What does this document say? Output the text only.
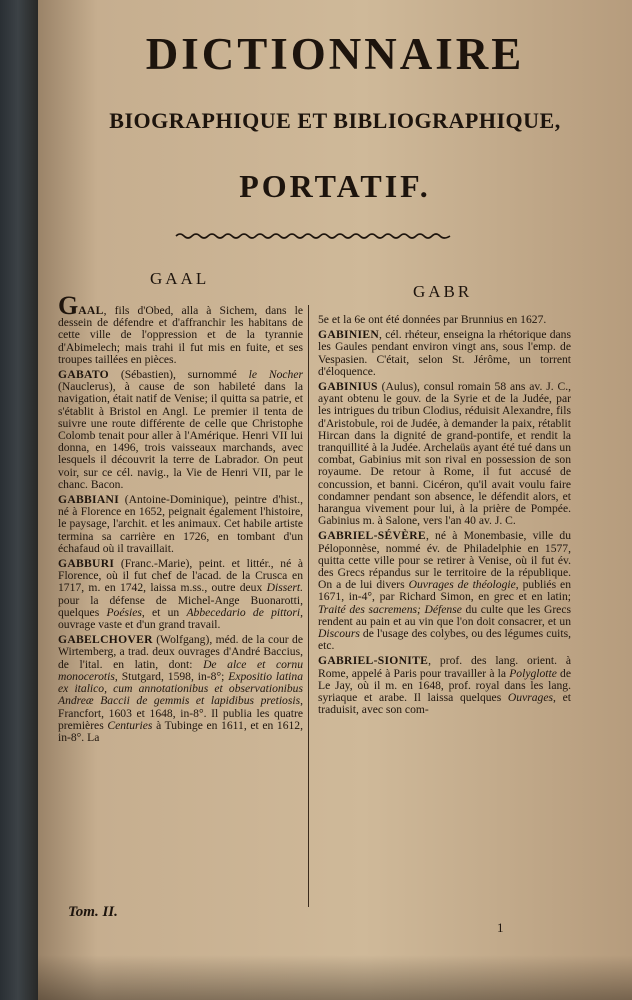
DICTIONNAIRE
BIOGRAPHIQUE ET BIBLIOGRAPHIQUE,
PORTATIF.
GAAL
GABR

GAAL, fils d'Obed, alla à Sichem, dans le dessein de défendre et d'affranchir les habitans de cette ville de l'oppression et de la tyrannie d'Abimelech; mais trahi il fut mis en fuite, et ses troupes taillées en pièces.

GABATO (Sébastien), surnommé le Nocher (Nauclerus), à cause de son habileté dans la navigation, était natif de Venise; il quitta sa patrie, et s'établit à Bristol en Angl. Le premier il tenta de suivre une route différente de celle que Christophe Colomb tenait pour aller à l'Amérique. Henri VII lui donna, en 1496, trois vaisseaux marchands, avec lesquels il découvrit la terre de Labrador. On peut voir, sur ce cél. navig., la Vie de Henri VII, par le chanc. Bacon.

GABBIANI (Antoine-Dominique), peintre d'hist., né à Florence en 1652, peignait également l'histoire, le paysage, l'archit. et les animaux. Cet habile artiste termina sa carrière en 1726, en tombant d'un échafaud où il travaillait.

GABBURI (Franc.-Marie), peint. et littér., né à Florence, où il fut chef de l'acad. de la Crusca en 1717, m. en 1742, laissa m.ss., outre deux Dissert. pour la défense de Michel-Ange Buonarotti, quelques Poésies, et un Abbecedario de pittori, ouvrage vaste et d'un grand travail.

GABELCHOVER (Wolfgang), méd. de la cour de Wirtemberg, a trad. deux ouvrages d'André Baccius, de l'ital. en latin, dont: De alce et cornu monocerotis, Stutgard, 1598, in-8°; Expositio latina ex italico, cum annotationibus et observationibus Andreæ Baccii de gemmis et lapidibus pretiosis, Francfort, 1603 et 1648, in-8°. Il publia les quatre premières Centuries à Tubinge en 1611, et en 1612, in-8°. La

5e et la 6e ont été données par Brunnius en 1627.

GABINIEN, cél. rhéteur, enseigna la rhétorique dans les Gaules pendant environ vingt ans, sous l'emp. de Vespasien. C'était, selon St. Jérôme, un torrent d'éloquence.

GABINIUS (Aulus), consul romain 58 ans av. J. C., ayant obtenu le gouv. de la Syrie et de la Judée, par les intrigues du tribun Clodius, réduisit Alexandre, fils d'Aristobule, roi de Judée, à demander la paix, rétablit Hircan dans la dignité de grand-pontife, et rendit la tranquillité à la Judée. Archelaüs ayant été tué dans un combat, Gabinius mit son rival en possession de son royaume. De retour à Rome, il fut accusé de concussion, et banni. Cicéron, qu'il avait voulu faire condamner pendant son absence, le défendit alors, et harangua vivement pour lui, à la prière de Pompée. Gabinius m. à Salone, vers l'an 40 av. J. C.

GABRIEL-SÉVÈRE, né à Monembasie, ville du Péloponnèse, nommé év. de Philadelphie en 1577, quitta cette ville pour se retirer à Venise, où il fut év. des Grecs répandus sur le territoire de la république. On a de lui divers Ouvrages de théologie, publiés en 1671, in-4°, par Richard Simon, en grec et en latin; Traité des sacremens; Défense du culte que les Grecs rendent au pain et au vin que l'on doit consacrer, et un Discours de l'usage des colybes, ou des légumes cuits, etc.

GABRIEL-SIONITE, prof. des lang. orient. à Rome, appelé à Paris pour travailler à la Polyglotte de Le Jay, où il m. en 1648, prof. royal dans les lang. syriaque et arabe. Il laissa quelques Ouvrages, et traduisit, avec son com-

Tom. II.
1
